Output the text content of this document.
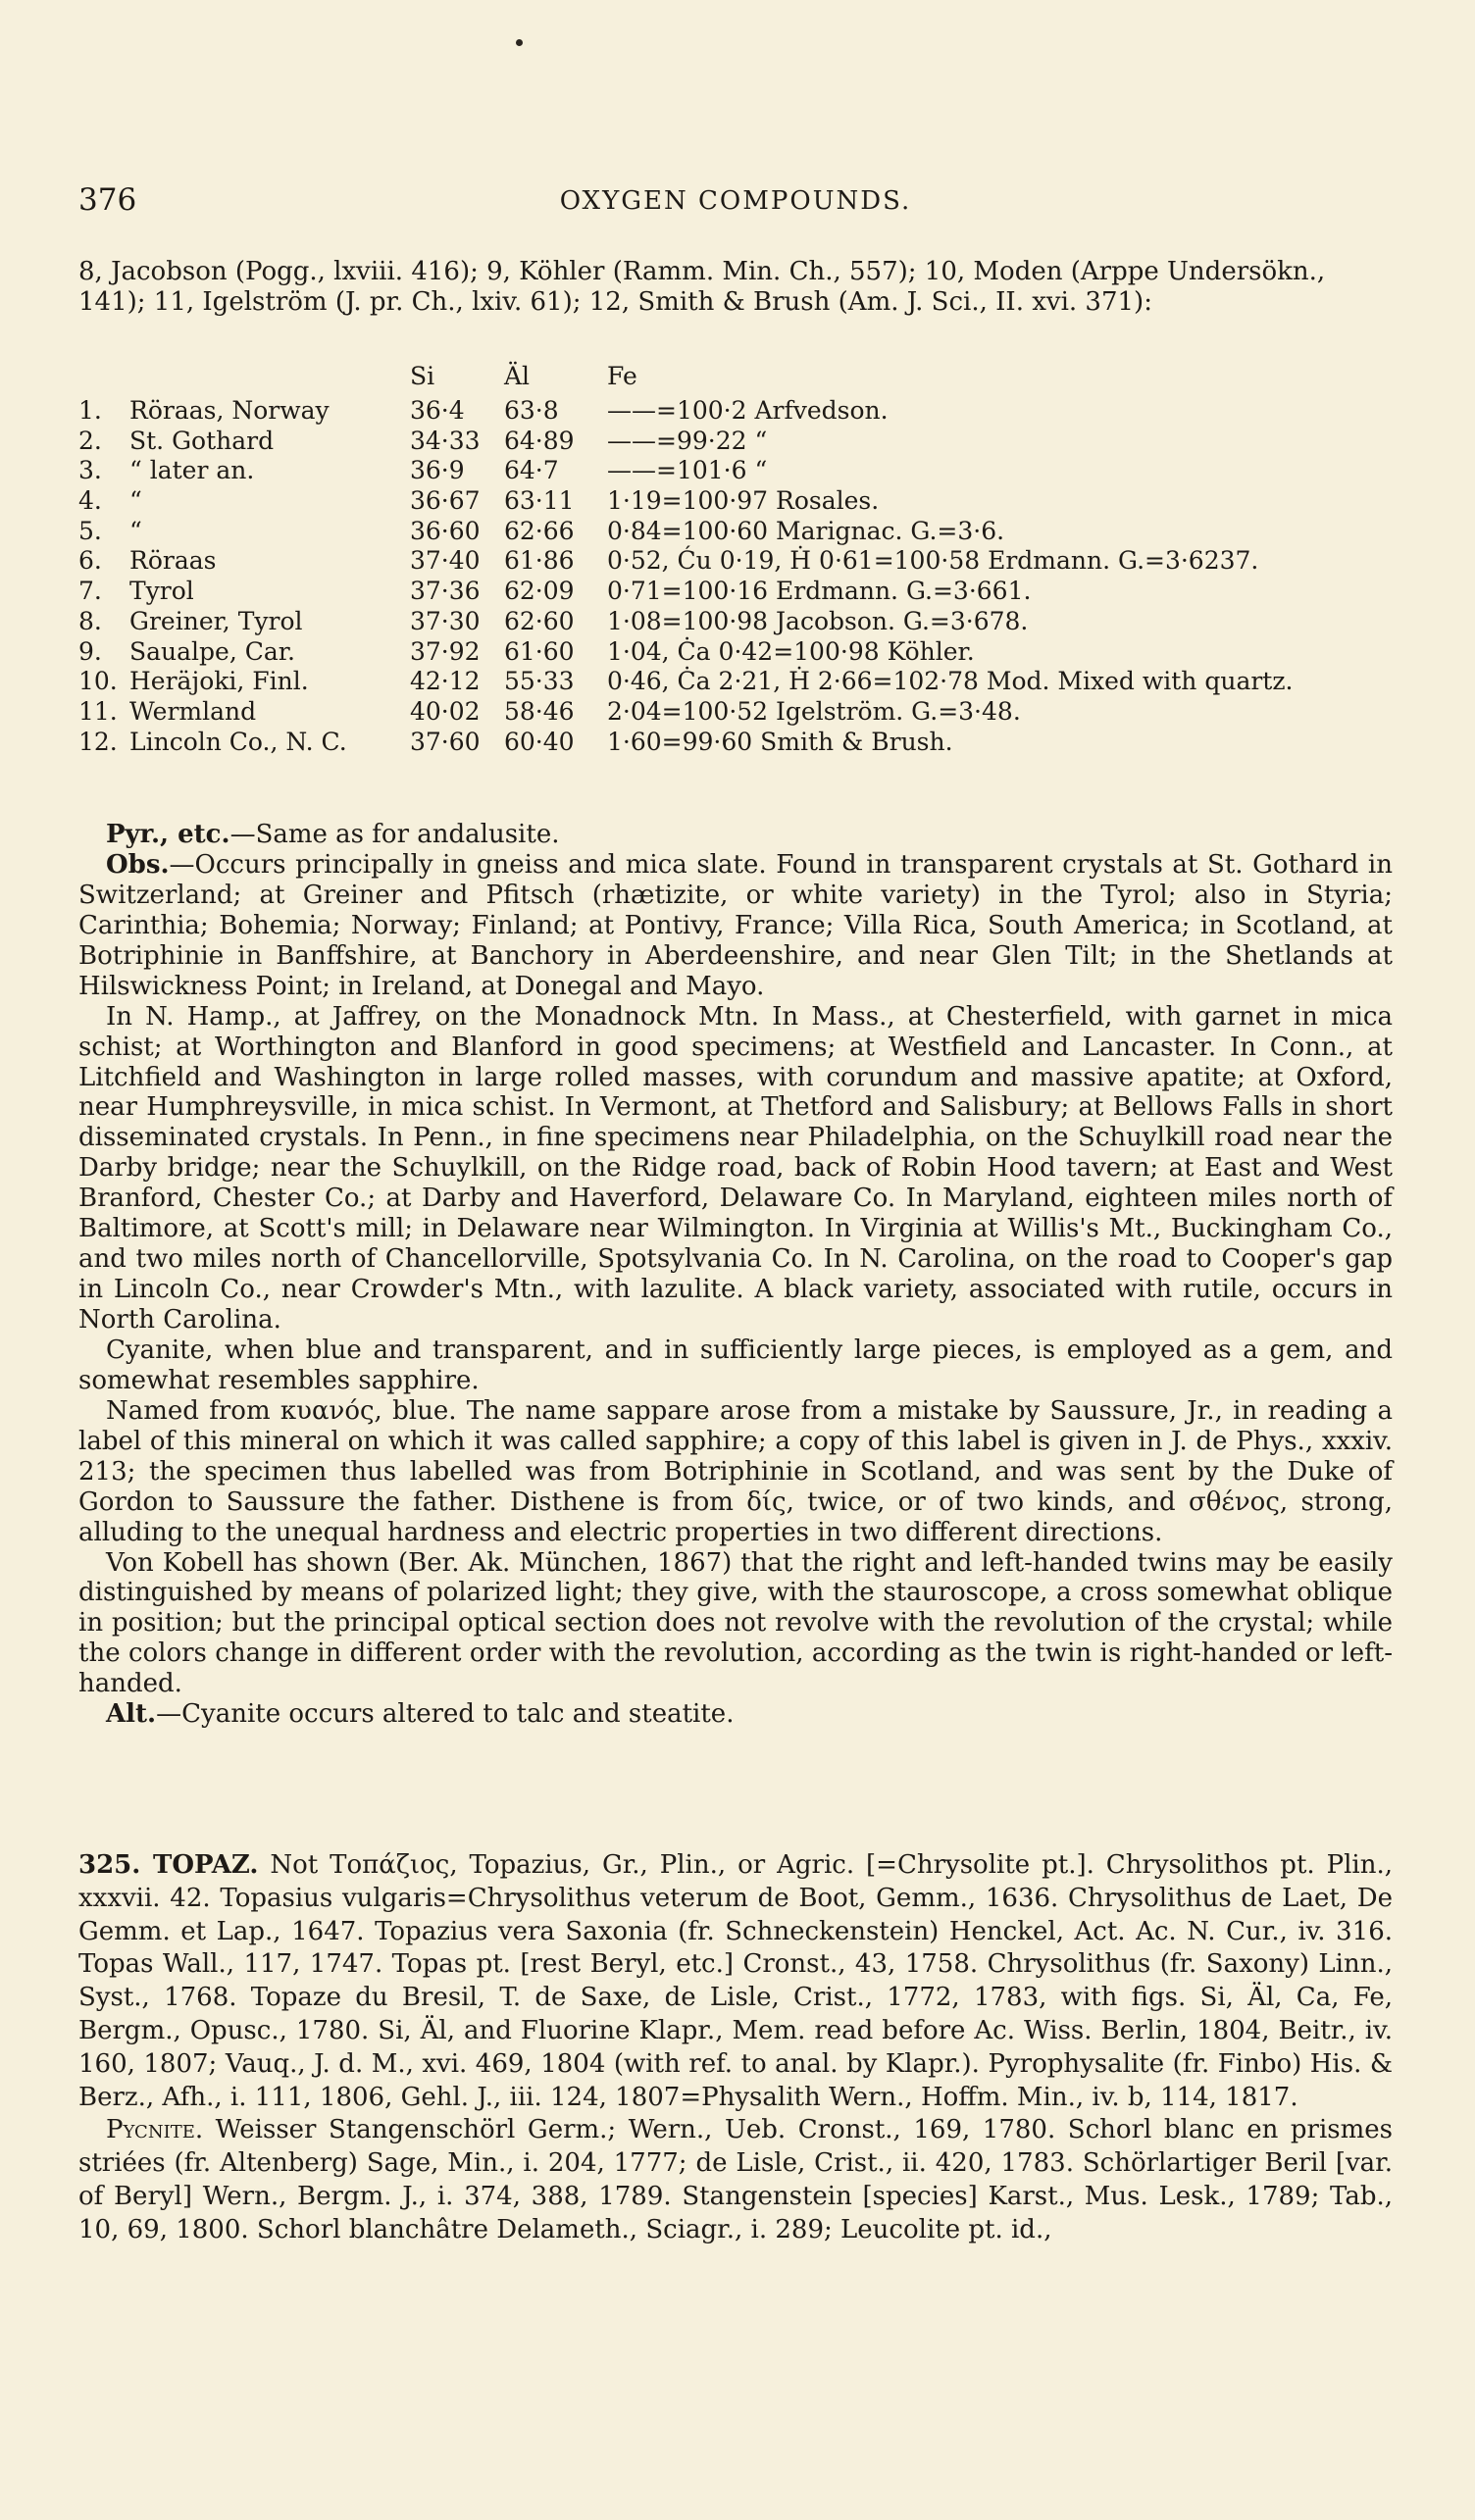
376	OXYGEN COMPOUNDS.

8, Jacobson (Pogg., lxviii. 416); 9, Köhler (Ramm. Min. Ch., 557); 10, Moden (Arppe Undersökn., 141); 11, Igelström (J. pr. Ch., lxiv. 61); 12, Smith & Brush (Am. J. Sci., II. xvi. 371):

		Si	Äl	Fe
1.	Röraas, Norway	36·4	63·8	——=100·2 Arfvedson.
2.	St. Gothard	34·33	64·89	——=99·22 “
3.	“ later an.	36·9	64·7	——=101·6 “
4.	“	36·67	63·11	1·19=100·97 Rosales.
5.	“	36·60	62·66	0·84=100·60 Marignac. G.=3·6.
6.	Röraas	37·40	61·86	0·52, Ću 0·19, Ḣ 0·61=100·58 Erdmann. G.=3·6237.
7.	Tyrol	37·36	62·09	0·71=100·16 Erdmann. G.=3·661.
8.	Greiner, Tyrol	37·30	62·60	1·08=100·98 Jacobson. G.=3·678.
9.	Saualpe, Car.	37·92	61·60	1·04, Ċa 0·42=100·98 Köhler.
10.	Heräjoki, Finl.	42·12	55·33	0·46, Ċa 2·21, Ḣ 2·66=102·78 Mod. Mixed with quartz.
11.	Wermland	40·02	58·46	2·04=100·52 Igelström. G.=3·48.
12.	Lincoln Co., N. C.	37·60	60·40	1·60=99·60 Smith & Brush.

Pyr., etc.—Same as for andalusite.

Obs.—Occurs principally in gneiss and mica slate. Found in transparent crystals at St. Gothard in Switzerland; at Greiner and Pfitsch (rhætizite, or white variety) in the Tyrol; also in Styria; Carinthia; Bohemia; Norway; Finland; at Pontivy, France; Villa Rica, South America; in Scotland, at Botriphinie in Banffshire, at Banchory in Aberdeenshire, and near Glen Tilt; in the Shetlands at Hilswickness Point; in Ireland, at Donegal and Mayo.

In N. Hamp., at Jaffrey, on the Monadnock Mtn. In Mass., at Chesterfield, with garnet in mica schist; at Worthington and Blanford in good specimens; at Westfield and Lancaster. In Conn., at Litchfield and Washington in large rolled masses, with corundum and massive apatite; at Oxford, near Humphreysville, in mica schist. In Vermont, at Thetford and Salisbury; at Bellows Falls in short disseminated crystals. In Penn., in fine specimens near Philadelphia, on the Schuylkill road near the Darby bridge; near the Schuylkill, on the Ridge road, back of Robin Hood tavern; at East and West Branford, Chester Co.; at Darby and Haverford, Delaware Co. In Maryland, eighteen miles north of Baltimore, at Scott's mill; in Delaware near Wilmington. In Virginia at Willis's Mt., Buckingham Co., and two miles north of Chancellorville, Spotsylvania Co. In N. Carolina, on the road to Cooper's gap in Lincoln Co., near Crowder's Mtn., with lazulite. A black variety, associated with rutile, occurs in North Carolina.

Cyanite, when blue and transparent, and in sufficiently large pieces, is employed as a gem, and somewhat resembles sapphire.

Named from κυανός, blue. The name sappare arose from a mistake by Saussure, Jr., in reading a label of this mineral on which it was called sapphire; a copy of this label is given in J. de Phys., xxxiv. 213; the specimen thus labelled was from Botriphinie in Scotland, and was sent by the Duke of Gordon to Saussure the father. Disthene is from δίς, twice, or of two kinds, and σθένος, strong, alluding to the unequal hardness and electric properties in two different directions.

Von Kobell has shown (Ber. Ak. München, 1867) that the right and left-handed twins may be easily distinguished by means of polarized light; they give, with the stauroscope, a cross somewhat oblique in position; but the principal optical section does not revolve with the revolution of the crystal; while the colors change in different order with the revolution, according as the twin is right-handed or left-handed.

Alt.—Cyanite occurs altered to talc and steatite.

325. TOPAZ. Not Τοπάζιος, Topazius, Gr., Plin., or Agric. [=Chrysolite pt.]. Chrysolithos pt. Plin., xxxvii. 42. Topasius vulgaris=Chrysolithus veterum de Boot, Gemm., 1636. Chrysolithus de Laet, De Gemm. et Lap., 1647. Topazius vera Saxonia (fr. Schneckenstein) Henckel, Act. Ac. N. Cur., iv. 316. Topas Wall., 117, 1747. Topas pt. [rest Beryl, etc.] Cronst., 43, 1758. Chrysolithus (fr. Saxony) Linn., Syst., 1768. Topaze du Bresil, T. de Saxe, de Lisle, Crist., 1772, 1783, with figs. Si, Äl, Ca, Fe, Bergm., Opusc., 1780. Si, Äl, and Fluorine Klapr., Mem. read before Ac. Wiss. Berlin, 1804, Beitr., iv. 160, 1807; Vauq., J. d. M., xvi. 469, 1804 (with ref. to anal. by Klapr.). Pyrophysalite (fr. Finbo) His. & Berz., Afh., i. 111, 1806, Gehl. J., iii. 124, 1807=Physalith Wern., Hoffm. Min., iv. b, 114, 1817.

Pycnite. Weisser Stangenschörl Germ.; Wern., Ueb. Cronst., 169, 1780. Schorl blanc en prismes striées (fr. Altenberg) Sage, Min., i. 204, 1777; de Lisle, Crist., ii. 420, 1783. Schörlartiger Beril [var. of Beryl] Wern., Bergm. J., i. 374, 388, 1789. Stangenstein [species] Karst., Mus. Lesk., 1789; Tab., 10, 69, 1800. Schorl blanchâtre Delameth., Sciagr., i. 289; Leucolite pt. id.,
